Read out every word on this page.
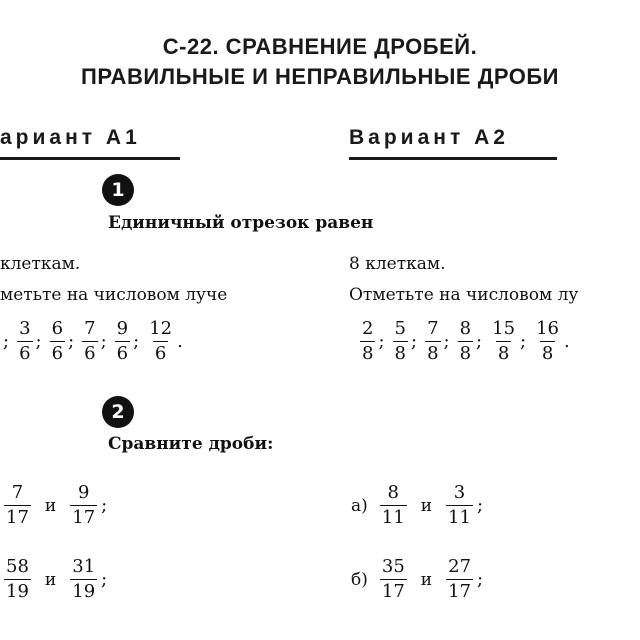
С-22. СРАВНЕНИЕ ДРОБЕЙ.
ПРАВИЛЬНЫЕ И НЕПРАВИЛЬНЫЕ ДРОБИ
ариант А1	Вариант А2
1
Единичный отрезок равен
клеткам.
метьте на числовом луче
8 клеткам.
Отметьте на числовом лу
; $\frac{3}{6}$ ; $\frac{6}{6}$ ; $\frac{7}{6}$ ; $\frac{9}{6}$ ; $\frac{12}{6}$ .	$\frac{2}{8}$ ; $\frac{5}{8}$ ; $\frac{7}{8}$ ; $\frac{8}{8}$ ; $\frac{15}{8}$ ; $\frac{16}{8}$ .
2
Сравните дроби:
$\frac{7}{17}$ и $\frac{9}{17}$ ;
$\frac{58}{19}$ и $\frac{31}{19}$ ;
$а) \frac{8}{11}$ и $\frac{3}{11}$ ;
$б) \frac{35}{17}$ и $\frac{27}{17}$ ;
